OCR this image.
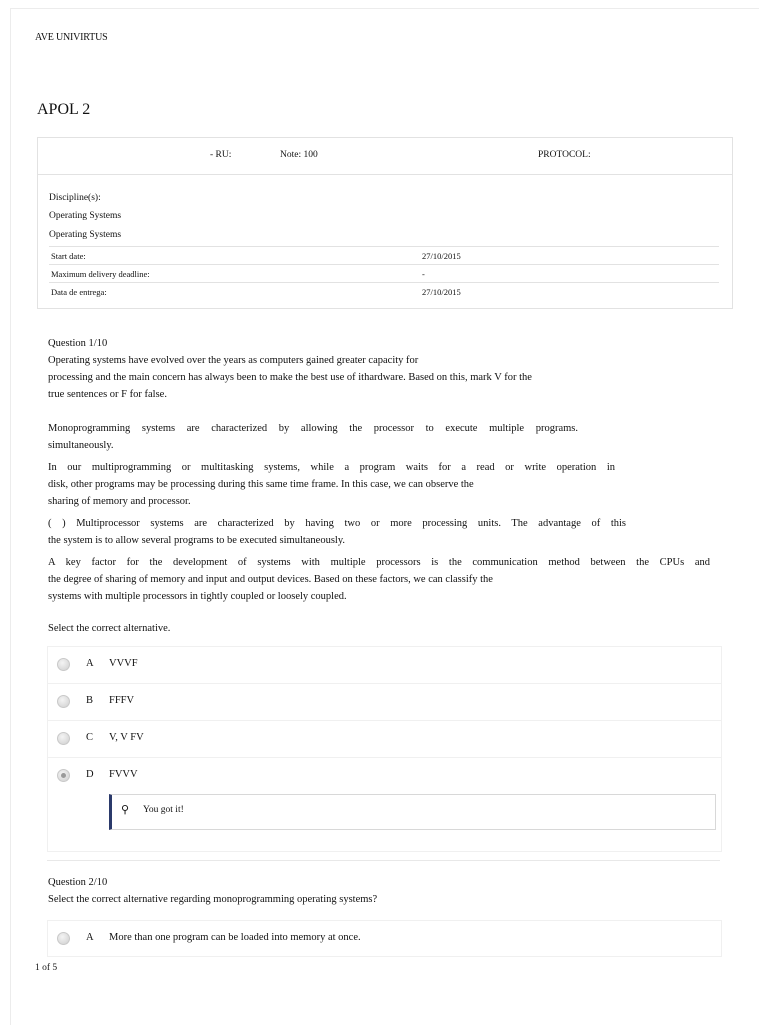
AVE UNIVIRTUS
APOL 2
- RU:	Note: 100	PROTOCOL:
Discipline(s):
Operating Systems
Operating Systems
Start date:	27/10/2015
Maximum delivery deadline:	-
Data de entrega:	27/10/2015
Question 1/10
Operating systems have evolved over the years as computers gained greater capacity for
processing and the main concern has always been to make the best use of ithardware. Based on this, mark V for the
true sentences or F for false.
Monoprogramming systems are characterized by allowing the processor to execute multiple programs.
simultaneously.
In our multiprogramming or multitasking systems, while a program waits for a read or write operation in
disk, other programs may be processing during this same time frame. In this case, we can observe the
sharing of memory and processor.
( ) Multiprocessor systems are characterized by having two or more processing units. The advantage of this
the system is to allow several programs to be executed simultaneously.
A key factor for the development of systems with multiple processors is the communication method between the CPUs and
the degree of sharing of memory and input and output devices. Based on these factors, we can classify the
systems with multiple processors in tightly coupled or loosely coupled.
Select the correct alternative.
A VVVF
B FFFV
C V, V FV
D FVVV
⚲ You got it!
Question 2/10
Select the correct alternative regarding monoprogramming operating systems?
A More than one program can be loaded into memory at once.
1 of 5
